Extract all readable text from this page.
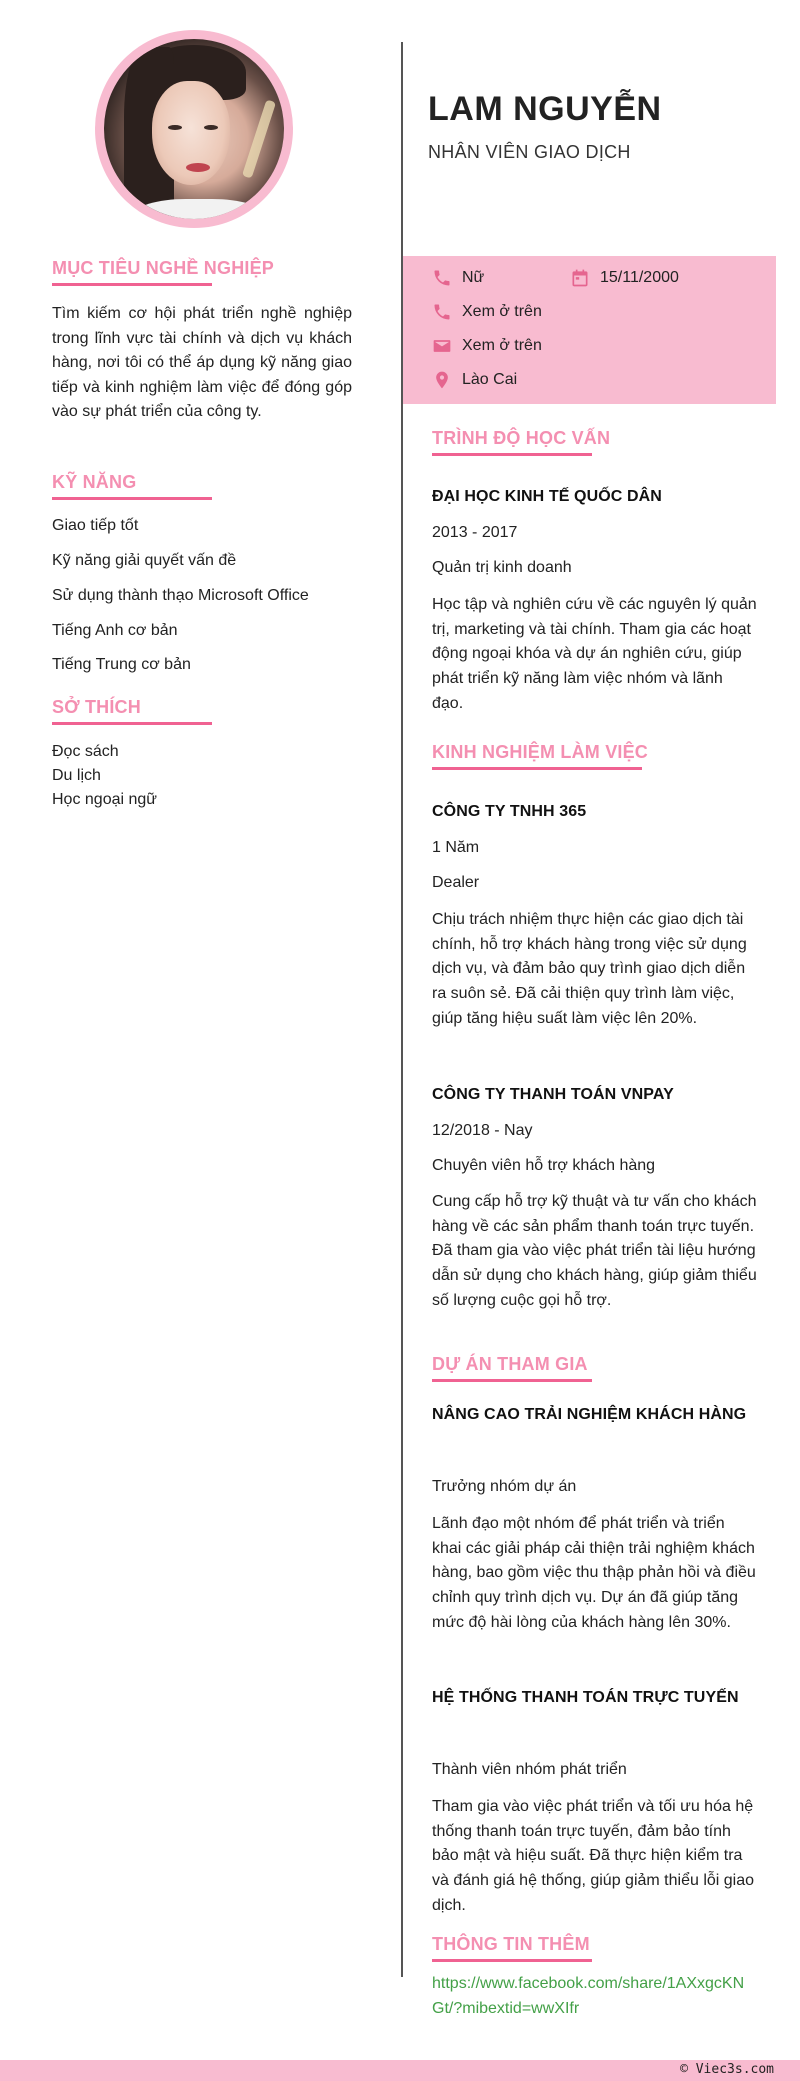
MỤC TIÊU NGHỀ NGHIỆP

Tìm kiếm cơ hội phát triển nghề nghiệp trong lĩnh vực tài chính và dịch vụ khách hàng, nơi tôi có thể áp dụng kỹ năng giao tiếp và kinh nghiệm làm việc để đóng góp vào sự phát triển của công ty.

KỸ NĂNG
Giao tiếp tốt
Kỹ năng giải quyết vấn đề
Sử dụng thành thạo Microsoft Office
Tiếng Anh cơ bản
Tiếng Trung cơ bản
SỞ THÍCH
Đọc sách
Du lịch
Học ngoại ngữ
LAM NGUYỄN
NHÂN VIÊN GIAO DỊCH
Nữ	15/11/2000
Xem ở trên
Xem ở trên
Lào Cai
TRÌNH ĐỘ HỌC VẤN
ĐẠI HỌC KINH TẾ QUỐC DÂN
2013 - 2017
Quản trị kinh doanh
Học tập và nghiên cứu về các nguyên lý quản trị, marketing và tài chính. Tham gia các hoạt động ngoại khóa và dự án nghiên cứu, giúp phát triển kỹ năng làm việc nhóm và lãnh đạo.
KINH NGHIỆM LÀM VIỆC
CÔNG TY TNHH 365
1 Năm
Dealer
Chịu trách nhiệm thực hiện các giao dịch tài chính, hỗ trợ khách hàng trong việc sử dụng dịch vụ, và đảm bảo quy trình giao dịch diễn ra suôn sẻ. Đã cải thiện quy trình làm việc, giúp tăng hiệu suất làm việc lên 20%.
CÔNG TY THANH TOÁN VNPAY
12/2018 - Nay
Chuyên viên hỗ trợ khách hàng
Cung cấp hỗ trợ kỹ thuật và tư vấn cho khách hàng về các sản phẩm thanh toán trực tuyến. Đã tham gia vào việc phát triển tài liệu hướng dẫn sử dụng cho khách hàng, giúp giảm thiểu số lượng cuộc gọi hỗ trợ.
DỰ ÁN THAM GIA
NÂNG CAO TRẢI NGHIỆM KHÁCH HÀNG
Trưởng nhóm dự án
Lãnh đạo một nhóm để phát triển và triển khai các giải pháp cải thiện trải nghiệm khách hàng, bao gồm việc thu thập phản hồi và điều chỉnh quy trình dịch vụ. Dự án đã giúp tăng mức độ hài lòng của khách hàng lên 30%.
HỆ THỐNG THANH TOÁN TRỰC TUYẾN
Thành viên nhóm phát triển
Tham gia vào việc phát triển và tối ưu hóa hệ thống thanh toán trực tuyến, đảm bảo tính bảo mật và hiệu suất. Đã thực hiện kiểm tra và đánh giá hệ thống, giúp giảm thiểu lỗi giao dịch.
THÔNG TIN THÊM
https://www.facebook.com/share/1AXxgcKNGt/?mibextid=wwXIfr
© Viec3s.com
